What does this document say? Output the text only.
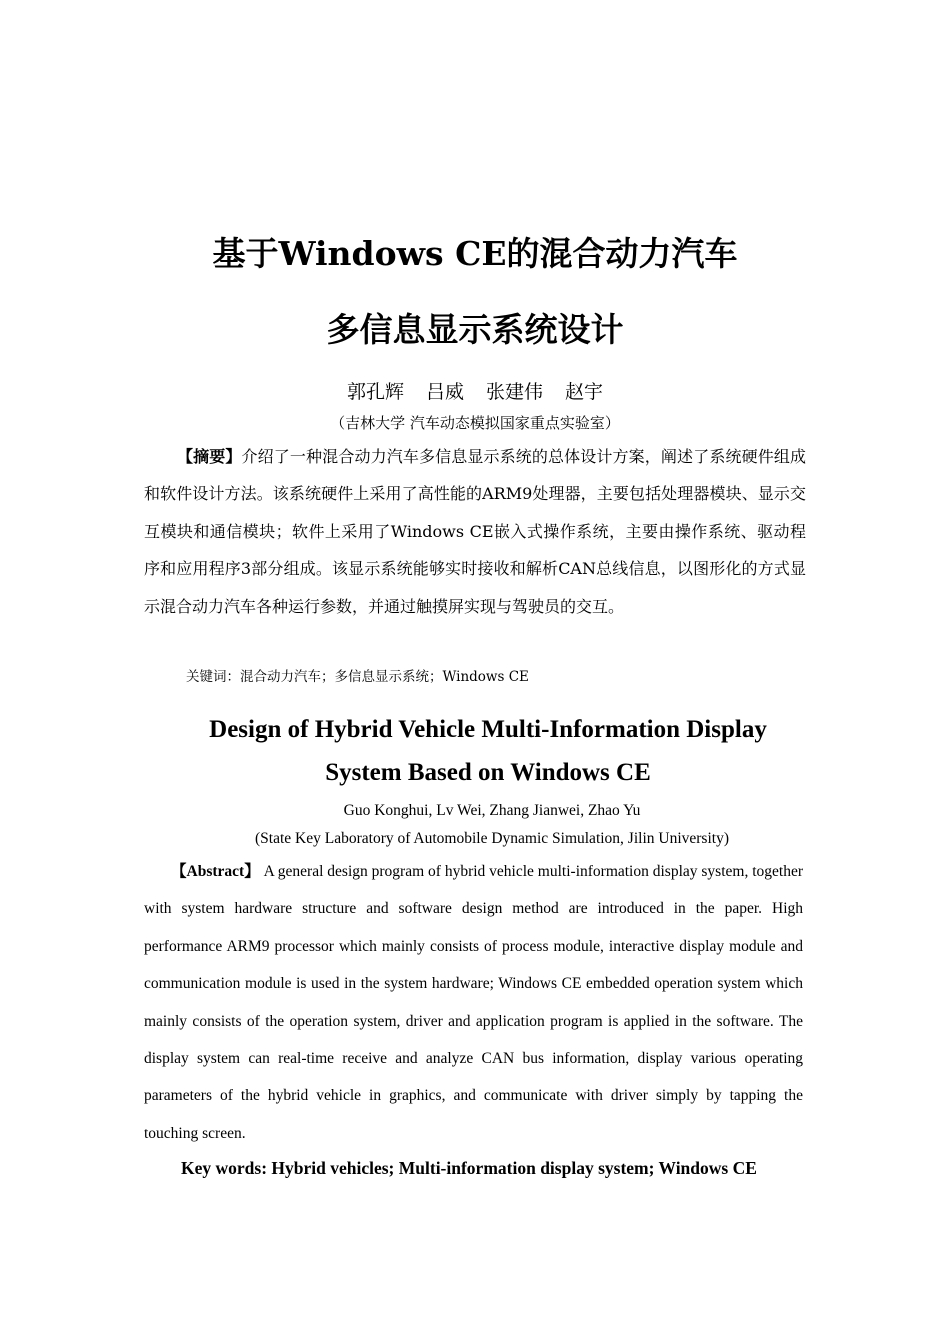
基于Windows CE的混合动力汽车
多信息显示系统设计
郭孔辉 吕威 张建伟 赵宇
（吉林大学 汽车动态模拟国家重点实验室）
【摘要】介绍了一种混合动力汽车多信息显示系统的总体设计方案，阐述了系统硬件组成和软件设计方法。该系统硬件上采用了高性能的ARM9处理器，主要包括处理器模块、显示交互模块和通信模块；软件上采用了Windows CE嵌入式操作系统，主要由操作系统、驱动程序和应用程序3部分组成。该显示系统能够实时接收和解析CAN总线信息，以图形化的方式显示混合动力汽车各种运行参数，并通过触摸屏实现与驾驶员的交互。
关键词：混合动力汽车；多信息显示系统；Windows CE
Design of Hybrid Vehicle Multi-Information Display
System Based on Windows CE
Guo Konghui, Lv Wei, Zhang Jianwei, Zhao Yu
(State Key Laboratory of Automobile Dynamic Simulation, Jilin University)
【Abstract】 A general design program of hybrid vehicle multi-information display system, together with system hardware structure and software design method are introduced in the paper. High performance ARM9 processor which mainly consists of process module, interactive display module and communication module is used in the system hardware; Windows CE embedded operation system which mainly consists of the operation system, driver and application program is applied in the software. The display system can real-time receive and analyze CAN bus information, display various operating parameters of the hybrid vehicle in graphics, and communicate with driver simply by tapping the touching screen.
Key words: Hybrid vehicles; Multi-information display system; Windows CE
